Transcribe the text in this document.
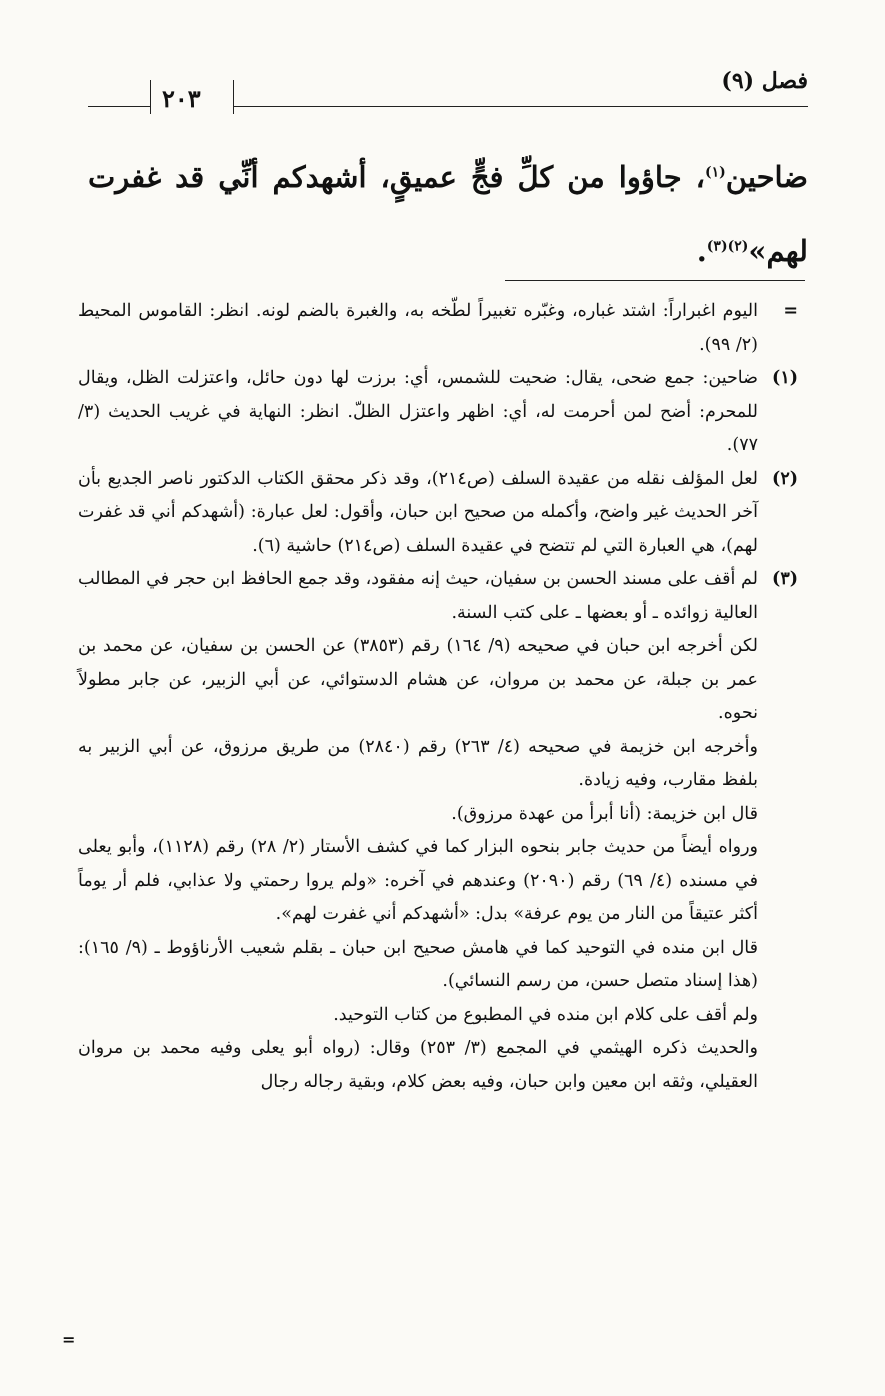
فصل (٩)
٢٠٣
ضاحين$^{(١)}$، جاؤوا من كلِّ فجٍّ عميقٍ، أشهدكم أنِّي قد غفرت لهم»$^{(٢)(٣)}$.
=

اليوم اغبراراً: اشتد غباره، وغبّره تغبيراً لطّخه به، والغبرة بالضم لونه. انظر: القاموس المحيط (٢/ ٩٩).

(١)

ضاحين: جمع ضحى، يقال: ضحيت للشمس، أي: برزت لها دون حائل، واعتزلت الظل، ويقال للمحرم: أضح لمن أحرمت له، أي: اظهر واعتزل الظلّ. انظر: النهاية في غريب الحديث (٣/ ٧٧).

(٢)

لعل المؤلف نقله من عقيدة السلف (ص٢١٤)، وقد ذكر محقق الكتاب الدكتور ناصر الجديع بأن آخر الحديث غير واضح، وأكمله من صحيح ابن حبان، وأقول: لعل عبارة: (أشهدكم أني قد غفرت لهم)، هي العبارة التي لم تتضح في عقيدة السلف (ص٢١٤) حاشية (٦).

(٣)

لم أقف على مسند الحسن بن سفيان، حيث إنه مفقود، وقد جمع الحافظ ابن حجر في المطالب العالية زوائده ـ أو بعضها ـ على كتب السنة.

لكن أخرجه ابن حبان في صحيحه (٩/ ١٦٤) رقم (٣٨٥٣) عن الحسن بن سفيان، عن محمد بن عمر بن جبلة، عن محمد بن مروان، عن هشام الدستوائي، عن أبي الزبير، عن جابر مطولاً نحوه.

وأخرجه ابن خزيمة في صحيحه (٤/ ٢٦٣) رقم (٢٨٤٠) من طريق مرزوق، عن أبي الزبير به بلفظ مقارب، وفيه زيادة.

قال ابن خزيمة: (أنا أبرأ من عهدة مرزوق).

ورواه أيضاً من حديث جابر بنحوه البزار كما في كشف الأستار (٢/ ٢٨) رقم (١١٢٨)، وأبو يعلى في مسنده (٤/ ٦٩) رقم (٢٠٩٠) وعندهم في آخره: «ولم يروا رحمتي ولا عذابي، فلم أر يوماً أكثر عتيقاً من النار من يوم عرفة» بدل: «أشهدكم أني غفرت لهم».

قال ابن منده في التوحيد كما في هامش صحيح ابن حبان ـ بقلم شعيب الأرناؤوط ـ (٩/ ١٦٥): (هذا إسناد متصل حسن، من رسم النسائي).

ولم أقف على كلام ابن منده في المطبوع من كتاب التوحيد.

والحديث ذكره الهيثمي في المجمع (٣/ ٢٥٣) وقال: (رواه أبو يعلى وفيه محمد بن مروان العقيلي، وثقه ابن معين وابن حبان، وفيه بعض كلام، وبقية رجاله رجال

=
